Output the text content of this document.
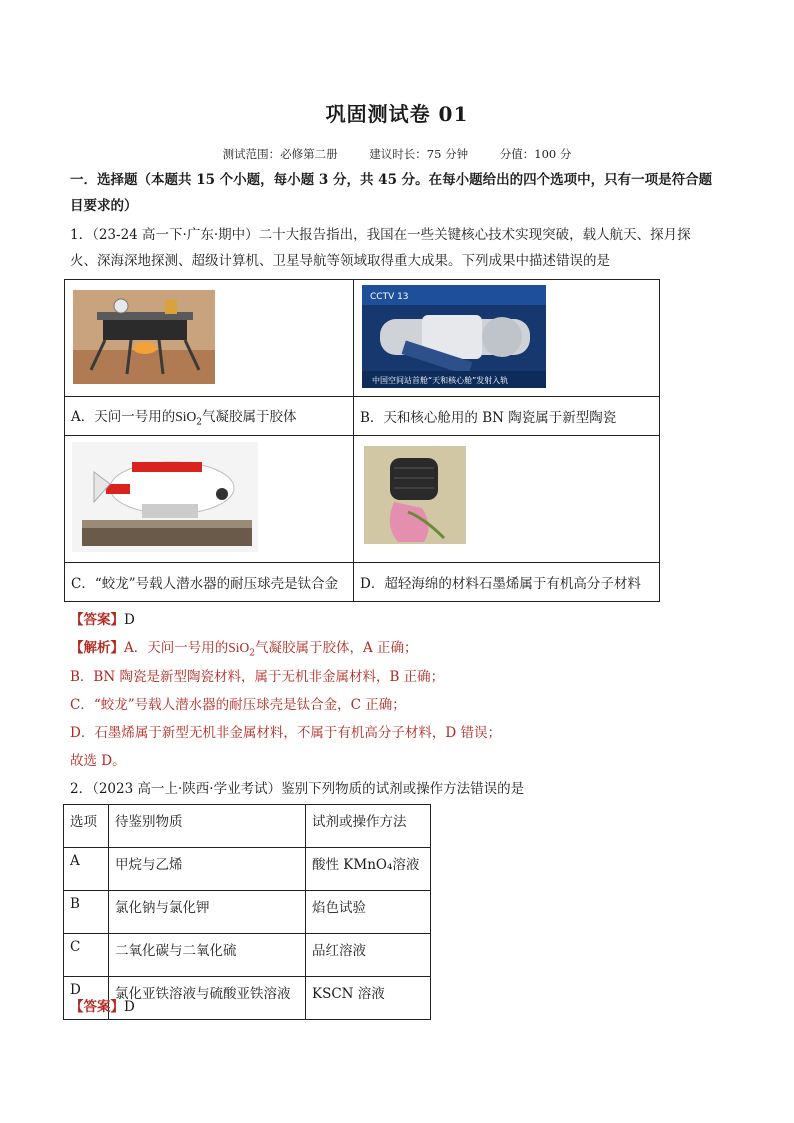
巩固测试卷 01
测试范围：必修第二册	建议时长：75 分钟	分值：100 分
一．选择题（本题共 15 个小题，每小题 3 分，共 45 分。在每小题给出的四个选项中，只有一项是符合题
目要求的）
1．（23-24 高一下·广东·期中）二十大报告指出，我国在一些关键核心技术实现突破，载人航天、探月探
火、深海深地探测、超级计算机、卫星导航等领域取得重大成果。下列成果中描述错误的是

CCTV 13
中国空间站首舱“天和核心舱”发射入轨

A．天问一号用的SiO$_2$气凝胶属于胶体	B．天和核心舱用的 BN 陶瓷属于新型陶瓷

C．“蛟龙”号载人潜水器的耐压球壳是钛合金	D．超轻海绵的材料石墨烯属于有机高分子材料
【答案】D
【解析】A．天问一号用的SiO$_2$气凝胶属于胶体，A 正确；
B．BN 陶瓷是新型陶瓷材料，属于无机非金属材料，B 正确；
C．“蛟龙”号载人潜水器的耐压球壳是钛合金，C 正确；
D．石墨烯属于新型无机非金属材料，不属于有机高分子材料，D 错误；
故选 D。
2．（2023 高一上·陕西·学业考试）鉴别下列物质的试剂或操作方法错误的是
选项	待鉴别物质	试剂或操作方法
A	甲烷与乙烯	酸性 KMnO₄溶液
B	氯化钠与氯化钾	焰色试验
C	二氧化碳与二氧化硫	品红溶液
D	氯化亚铁溶液与硫酸亚铁溶液	KSCN 溶液
【答案】D
